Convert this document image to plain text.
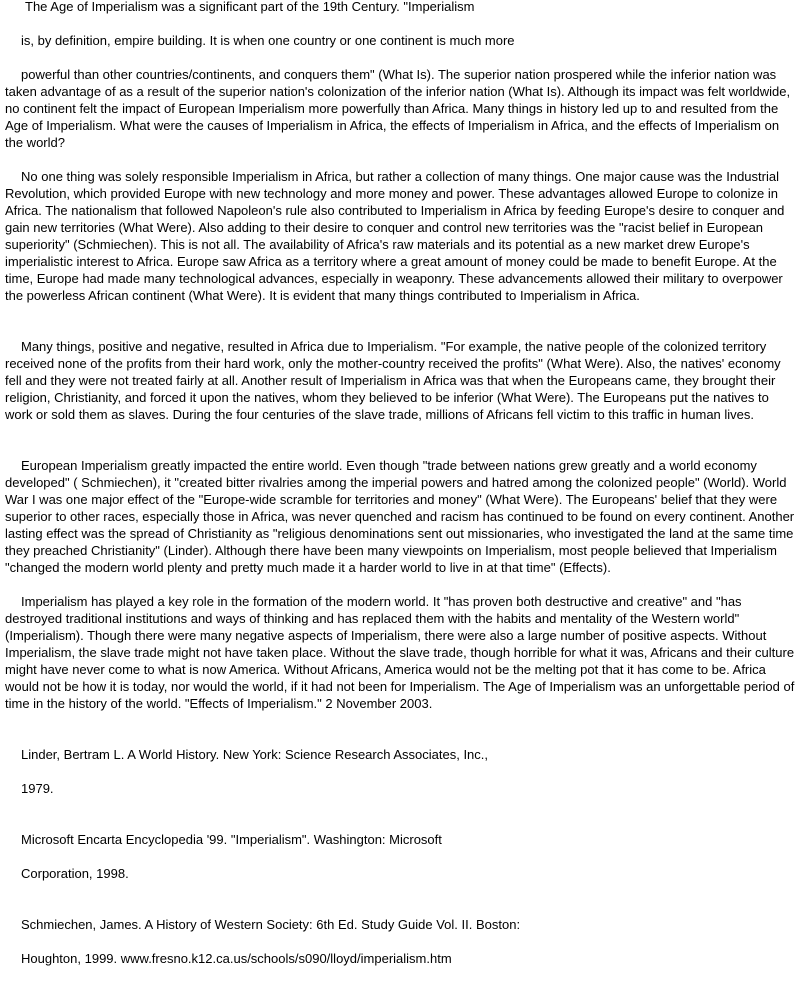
The Age of Imperialism was a significant part of the 19th Century. "Imperialism

is, by definition, empire building. It is when one country or one continent is much more

powerful than other countries/continents, and conquers them" (What Is). The superior nation prospered while the inferior nation was taken advantage of as a result of the superior nation's colonization of the inferior nation (What Is). Although its impact was felt worldwide, no continent felt the impact of European Imperialism more powerfully than Africa. Many things in history led up to and resulted from the Age of Imperialism. What were the causes of Imperialism in Africa, the effects of Imperialism in Africa, and the effects of Imperialism on the world?

No one thing was solely responsible Imperialism in Africa, but rather a collection of many things. One major cause was the Industrial Revolution, which provided Europe with new technology and more money and power. These advantages allowed Europe to colonize in Africa. The nationalism that followed Napoleon's rule also contributed to Imperialism in Africa by feeding Europe's desire to conquer and gain new territories (What Were). Also adding to their desire to conquer and control new territories was the "racist belief in European superiority" (Schmiechen). This is not all. The availability of Africa's raw materials and its potential as a new market drew Europe's imperialistic interest to Africa. Europe saw Africa as a territory where a great amount of money could be made to benefit Europe. At the time, Europe had made many technological advances, especially in weaponry. These advancements allowed their military to overpower the powerless African continent (What Were). It is evident that many things contributed to Imperialism in Africa.

Many things, positive and negative, resulted in Africa due to Imperialism. "For example, the native people of the colonized territory received none of the profits from their hard work, only the mother-country received the profits" (What Were). Also, the natives' economy fell and they were not treated fairly at all. Another result of Imperialism in Africa was that when the Europeans came, they brought their religion, Christianity, and forced it upon the natives, whom they believed to be inferior (What Were). The Europeans put the natives to work or sold them as slaves. During the four centuries of the slave trade, millions of Africans fell victim to this traffic in human lives.

European Imperialism greatly impacted the entire world. Even though "trade between nations grew greatly and a world economy developed" ( Schmiechen), it "created bitter rivalries among the imperial powers and hatred among the colonized people" (World). World War I was one major effect of the "Europe-wide scramble for territories and money" (What Were). The Europeans' belief that they were superior to other races, especially those in Africa, was never quenched and racism has continued to be found on every continent. Another lasting effect was the spread of Christianity as "religious denominations sent out missionaries, who investigated the land at the same time they preached Christianity" (Linder). Although there have been many viewpoints on Imperialism, most people believed that Imperialism "changed the modern world plenty and pretty much made it a harder world to live in at that time" (Effects).

Imperialism has played a key role in the formation of the modern world. It "has proven both destructive and creative" and "has destroyed traditional institutions and ways of thinking and has replaced them with the habits and mentality of the Western world" (Imperialism). Though there were many negative aspects of Imperialism, there were also a large number of positive aspects. Without Imperialism, the slave trade might not have taken place. Without the slave trade, though horrible for what it was, Africans and their culture might have never come to what is now America. Without Africans, America would not be the melting pot that it has come to be. Africa would not be how it is today, nor would the world, if it had not been for Imperialism. The Age of Imperialism was an unforgettable period of time in the history of the world. "Effects of Imperialism." 2 November 2003.

Linder, Bertram L. A World History. New York: Science Research Associates, Inc.,

1979.

Microsoft Encarta Encyclopedia '99. "Imperialism". Washington: Microsoft

Corporation, 1998.

Schmiechen, James. A History of Western Society: 6th Ed. Study Guide Vol. II. Boston:

Houghton, 1999. www.fresno.k12.ca.us/schools/s090/lloyd/imperialism.htm
